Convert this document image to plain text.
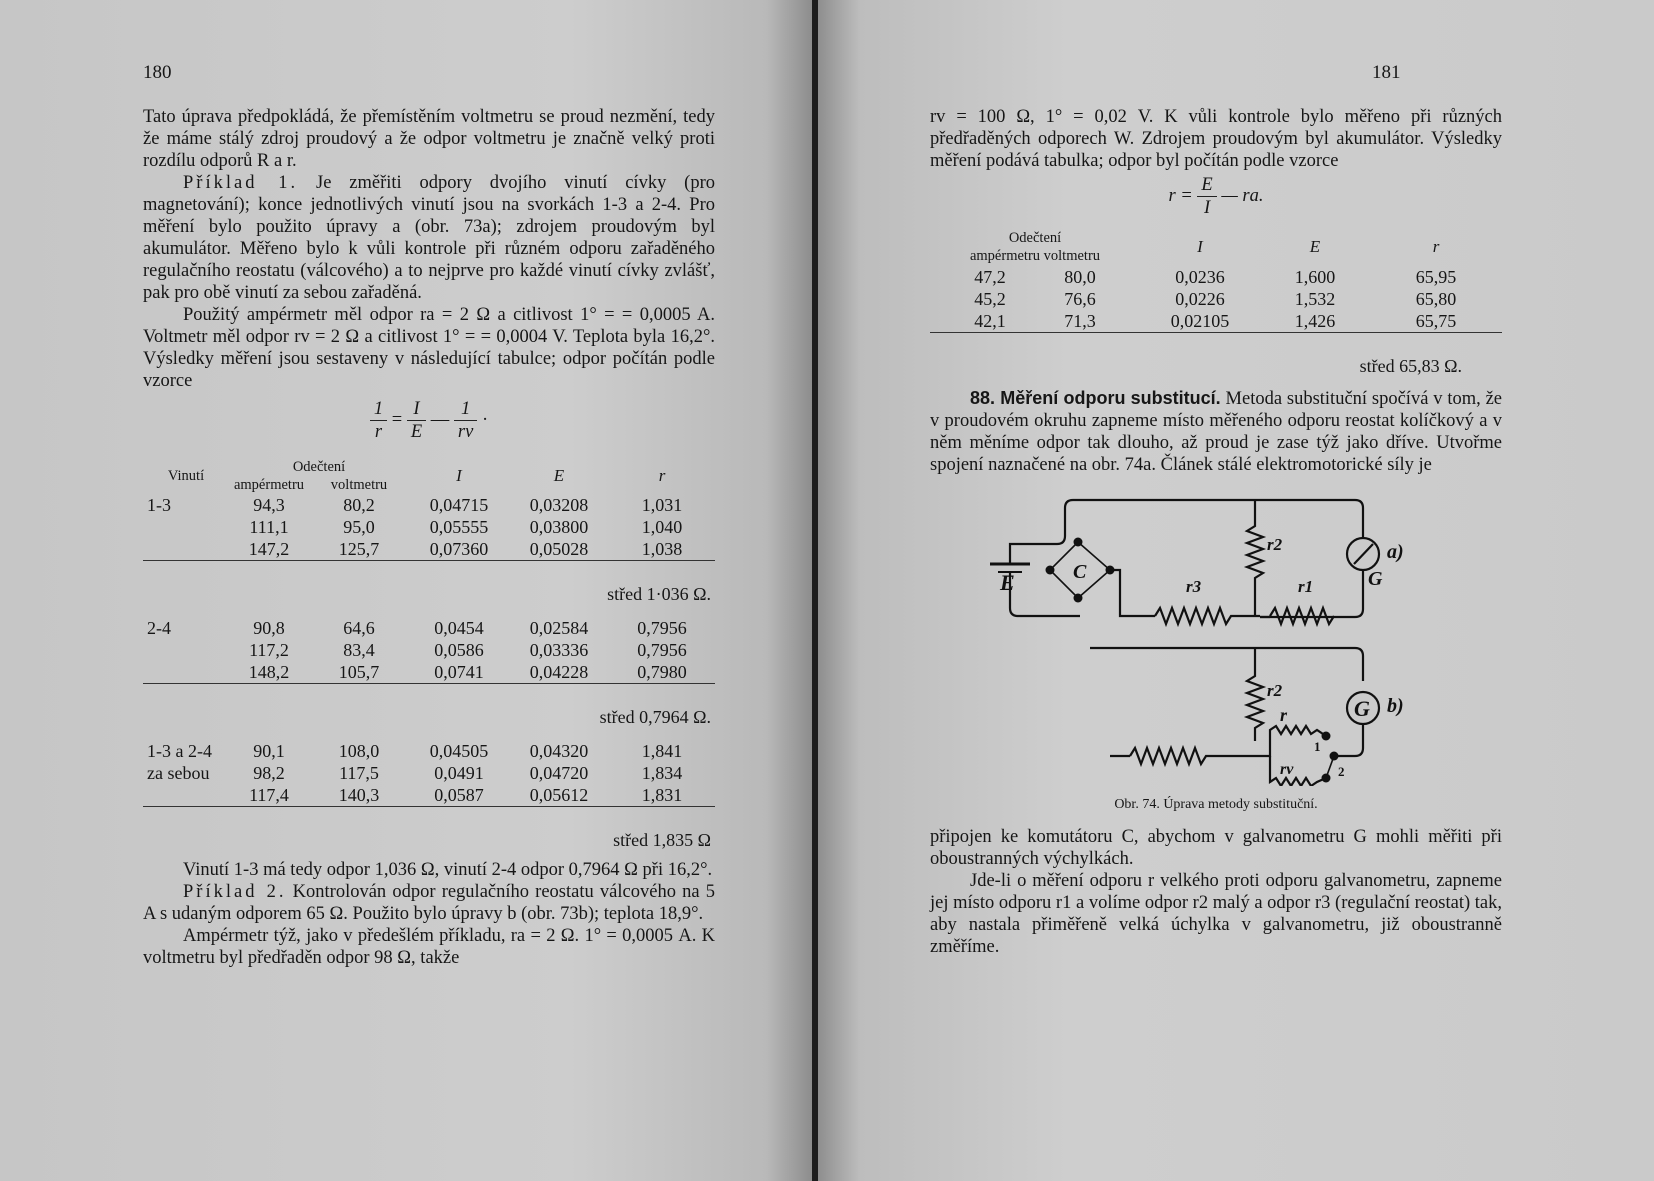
180

Tato úprava předpokládá, že přemístěním voltmetru se proud nezmění, tedy že máme stálý zdroj proudový a že odpor voltmetru je značně velký proti rozdílu odporů R a r.

Příklad 1. Je změřiti odpory dvojího vinutí cívky (pro magnetování); konce jednotlivých vinutí jsou na svorkách 1-3 a 2-4. Pro měření bylo použito úpravy a (obr. 73a); zdrojem proudovým byl akumulátor. Měřeno bylo k vůli kontrole při různém odporu zařaděného regulačního reostatu (válcového) a to nejprve pro každé vinutí cívky zvlášť, pak pro obě vinutí za sebou zařaděná.

Použitý ampérmetr měl odpor ra = 2 Ω a citlivost 1° = = 0,0005 A. Voltmetr měl odpor rv = 2 Ω a citlivost 1° = = 0,0004 V. Teplota byla 16,2°. Výsledky měření jsou sestaveny v následující tabulce; odpor počítán podle vzorce

$\frac{1}{r} = \frac{I}{E}$ — $\frac{1}{rv}$ ·
Vinutí	Odečtení		I	E	r
	ampérmetru	voltmetru			
1-3	94,3	80,2	0,04715	0,03208	1,031
	111,1	95,0	0,05555	0,03800	1,040
	147,2	125,7	0,07360	0,05028	1,038

střed 1·036 Ω.					

2-4	90,8	64,6	0,0454	0,02584	0,7956
	117,2	83,4	0,0586	0,03336	0,7956
	148,2	105,7	0,0741	0,04228	0,7980

střed 0,7964 Ω.					

1-3 a 2-4	90,1	108,0	0,04505	0,04320	1,841
za sebou	98,2	117,5	0,0491	0,04720	1,834
	117,4	140,3	0,0587	0,05612	1,831

střed 1,835 Ω					

Vinutí 1-3 má tedy odpor 1,036 Ω, vinutí 2-4 odpor 0,7964 Ω při 16,2°.

Příklad 2. Kontrolován odpor regulačního reostatu válcového na 5 A s udaným odporem 65 Ω. Použito bylo úpravy b (obr. 73b); teplota 18,9°.

Ampérmetr týž, jako v předešlém příkladu, ra = 2 Ω. 1° = 0,0005 A. K voltmetru byl předřaděn odpor 98 Ω, takže

181

rv = 100 Ω, 1° = 0,02 V. K vůli kontrole bylo měřeno při různých předřaděných odporech W. Zdrojem proudovým byl akumulátor. Výsledky měření podává tabulka; odpor byl počítán podle vzorce

$r = \frac{E}{I}$ — ra.
Odečtení
ampérmetru voltmetru	I	E	r
47,2 80,0	0,0236	1,600	65,95
45,2 76,6	0,0226	1,532	65,80
42,1 71,3	0,02105	1,426	65,75

střed 65,83 Ω.			

88. Měření odporu substitucí. Metoda substituční spočívá v tom, že v proudovém okruhu zapneme místo měřeného odporu reostat kolíčkový a v něm měníme odpor tak dlouho, až proud je zase týž jako dříve. Utvořme spojení naznačené na obr. 74a. Článek stálé elektromotorické síly je

E	C
r2
r3	r1	G
a)
G b)
r2
r
rv
1
2
Obr. 74. Úprava metody substituční.

připojen ke komutátoru C, abychom v galvanometru G mohli měřiti při oboustranných výchylkách.

Jde-li o měření odporu r velkého proti odporu galvanometru, zapneme jej místo odporu r1 a volíme odpor r2 malý a odpor r3 (regulační reostat) tak, aby nastala přiměřeně velká úchylka v galvanometru, již oboustranně změříme.
